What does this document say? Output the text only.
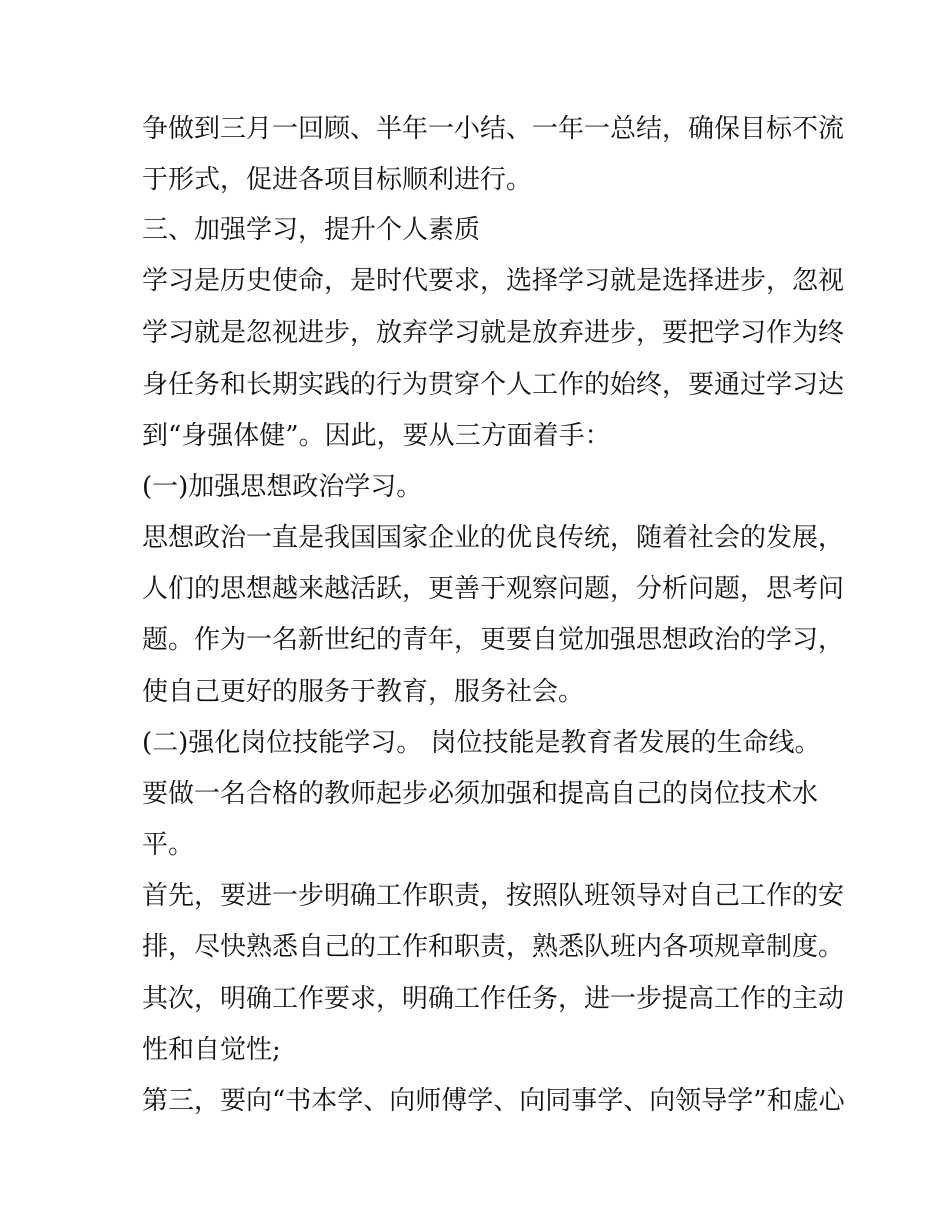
争做到三月一回顾、半年一小结、一年一总结，确保目标不流

于形式，促进各项目标顺利进行。

三、加强学习，提升个人素质

学习是历史使命，是时代要求，选择学习就是选择进步，忽视

学习就是忽视进步，放弃学习就是放弃进步，要把学习作为终

身任务和长期实践的行为贯穿个人工作的始终，要通过学习达

到“身强体健”。因此，要从三方面着手：

(一)加强思想政治学习。

思想政治一直是我国国家企业的优良传统，随着社会的发展，

人们的思想越来越活跃，更善于观察问题，分析问题，思考问

题。作为一名新世纪的青年，更要自觉加强思想政治的学习，

使自己更好的服务于教育，服务社会。

(二)强化岗位技能学习。 岗位技能是教育者发展的生命线。

要做一名合格的教师起步必须加强和提高自己的岗位技术水

平。

首先，要进一步明确工作职责，按照队班领导对自己工作的安

排，尽快熟悉自己的工作和职责，熟悉队班内各项规章制度。

其次，明确工作要求，明确工作任务，进一步提高工作的主动

性和自觉性;

第三，要向“书本学、向师傅学、向同事学、向领导学”和虚心
